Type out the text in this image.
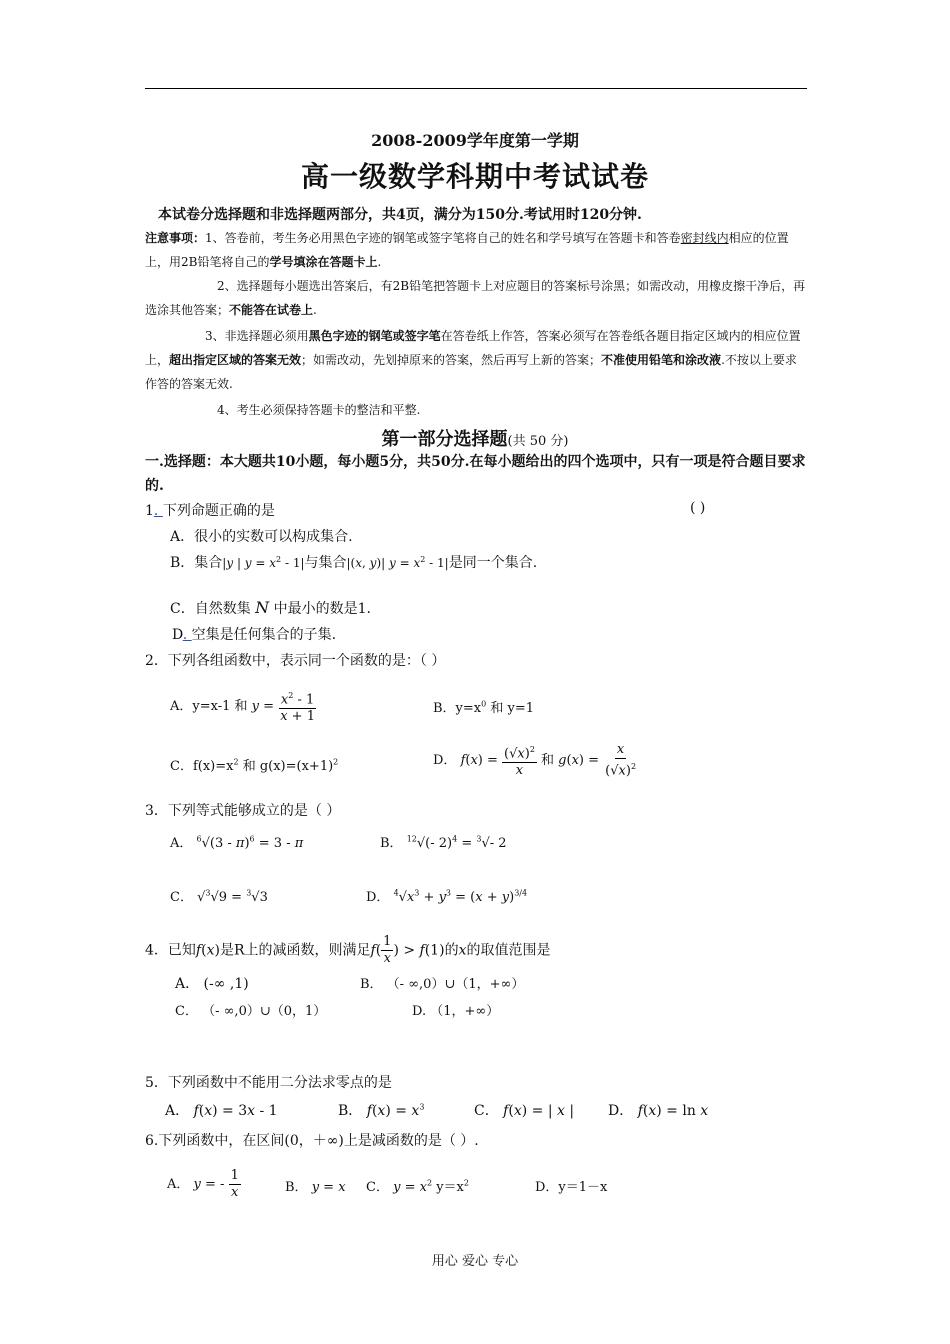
2008-2009学年度第一学期
高一级数学科期中考试试卷
本试卷分选择题和非选择题两部分，共4页，满分为150分.考试用时120分钟.
注意事项：1、答卷前，考生务必用黑色字迹的钢笔或签字笔将自己的姓名和学号填写在答题卡和答卷密封线内相应的位置上，用2B铅笔将自己的学号填涂在答题卡上.
2、选择题每小题选出答案后，有2B铅笔把答题卡上对应题目的答案标号涂黑；如需改动，用橡皮擦干净后，再选涂其他答案；不能答在试卷上.
3、非选择题必须用黑色字迹的钢笔或签字笔在答卷纸上作答，答案必须写在答卷纸各题目指定区域内的相应位置上，超出指定区域的答案无效；如需改动，先划掉原来的答案，然后再写上新的答案；不准使用铅笔和涂改液.不按以上要求作答的答案无效.
4、考生必须保持答题卡的整洁和平整.
第一部分选择题(共 50 分)
一.选择题：本大题共10小题，每小题5分，共50分.在每小题给出的四个选项中，只有一项是符合题目要求的.
1. 下列命题正确的是	( )
A．很小的实数可以构成集合.
B．集合|y | $y = x^2 - 1|$与集合|(x, y)| $y = x^2 - 1|$是同一个集合.
C．自然数集 N 中最小的数是1.
D. 空集是任何集合的子集.
2．下列各组函数中，表示同一个函数的是：（ ）
A．y=x-1 和 $y = \frac{x^2 - 1}{x + 1}$	B．$y=x^0$ 和 y=1
C．$f(x)=x^2$ 和 $g(x)=(x+1)^2$	D． $f(x) = \frac{(√x)^2}{x}$ 和 $g(x) = \frac{x}{(√x)^2}$
3．下列等式能够成立的是（ ）
A． $^6$√(3 - π)$^6$ = 3 - π	B． $^{12}$√(- 2)$^4$ = $^3$√- 2
C． √$^3$√9 = $^3$√3	D． $^4√x^3 + y^3 = (x + y)^{3/4}$
4．已知f(x)是R上的减函数，则满足$f( \frac{1}{x}$ ) > f(1)的x的取值范围是
A． (-∞ ,1)	B． （- ∞,0）∪（1，+∞）
C． （- ∞,0）∪（0，1）	D. （1，+∞）
5．下列函数中不能用二分法求零点的是
A． f(x) = 3x - 1	B． $f(x) = x^3$	C． f(x) = | x | D． f(x) = ln x
6.下列函数中，在区间(0，＋∞)上是减函数的是（ ）.
A． y = - $\frac{1}{x}$	B． y = x C． $y = x^2$ $y=x^2$	D．y＝1－x
用心 爱心 专心
